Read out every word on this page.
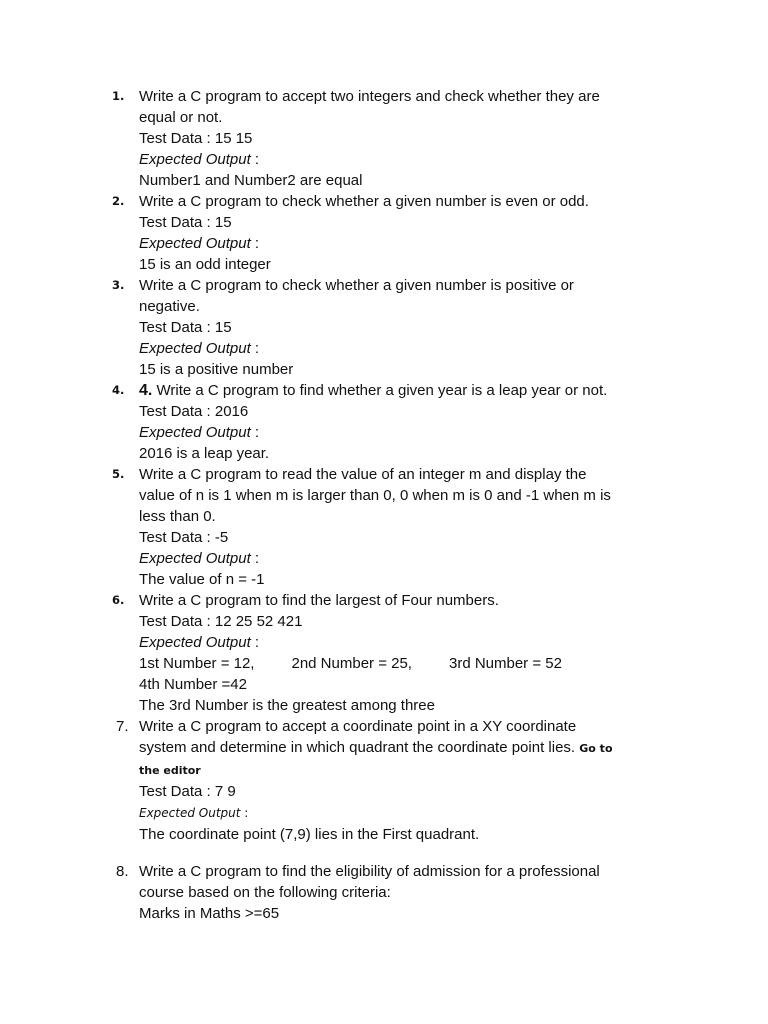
1. Write a C program to accept two integers and check whether they are
equal or not.
Test Data : 15 15
Expected Output :
Number1 and Number2 are equal
2. Write a C program to check whether a given number is even or odd.
Test Data : 15
Expected Output :
15 is an odd integer
3. Write a C program to check whether a given number is positive or
negative.
Test Data : 15
Expected Output :
15 is a positive number
4. 4. Write a C program to find whether a given year is a leap year or not.
Test Data : 2016
Expected Output :
2016 is a leap year.
5. Write a C program to read the value of an integer m and display the
value of n is 1 when m is larger than 0, 0 when m is 0 and -1 when m is
less than 0.
Test Data : -5
Expected Output :
The value of n = -1
6. Write a C program to find the largest of Four numbers.
Test Data : 12 25 52 421
Expected Output :
1st Number = 12, 2nd Number = 25, 3rd Number = 52
4th Number =42
The 3rd Number is the greatest among three
7. Write a C program to accept a coordinate point in a XY coordinate
system and determine in which quadrant the coordinate point lies. Go to
the editor
Test Data : 7 9
Expected Output :
The coordinate point (7,9) lies in the First quadrant.
8. Write a C program to find the eligibility of admission for a professional
course based on the following criteria:
Marks in Maths >=65
